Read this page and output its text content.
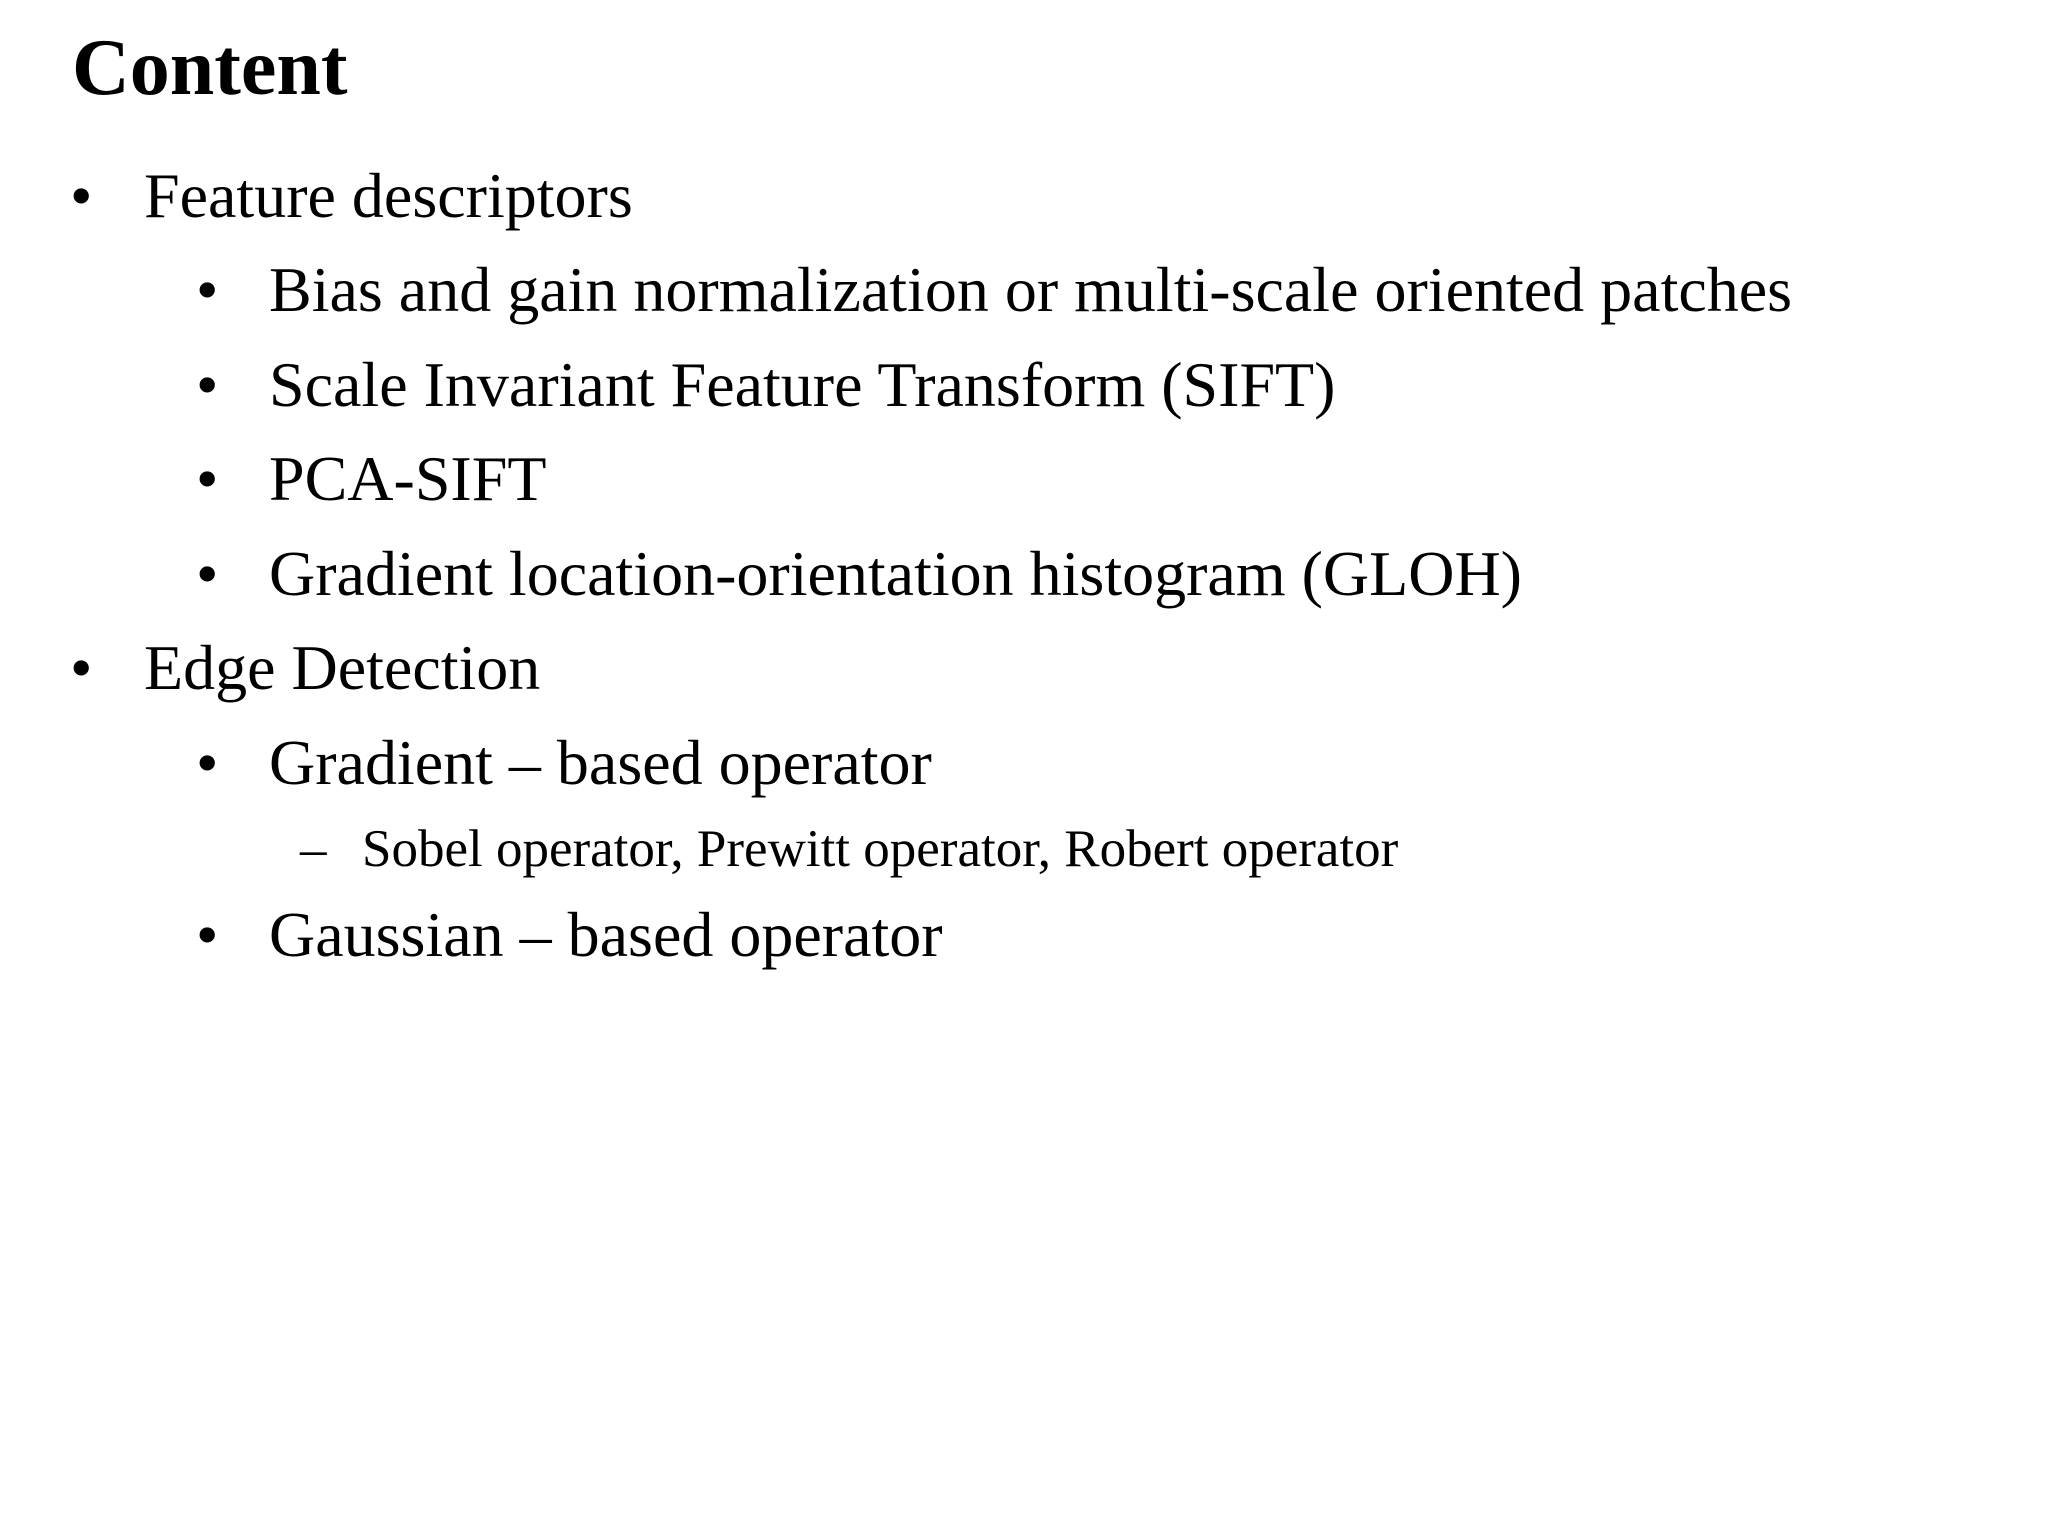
Content
• Feature descriptors
• Bias and gain normalization or multi-scale oriented patches
• Scale Invariant Feature Transform (SIFT)
• PCA-SIFT
• Gradient location-orientation histogram (GLOH)
• Edge Detection
• Gradient – based operator
– Sobel operator, Prewitt operator, Robert operator
• Gaussian – based operator
